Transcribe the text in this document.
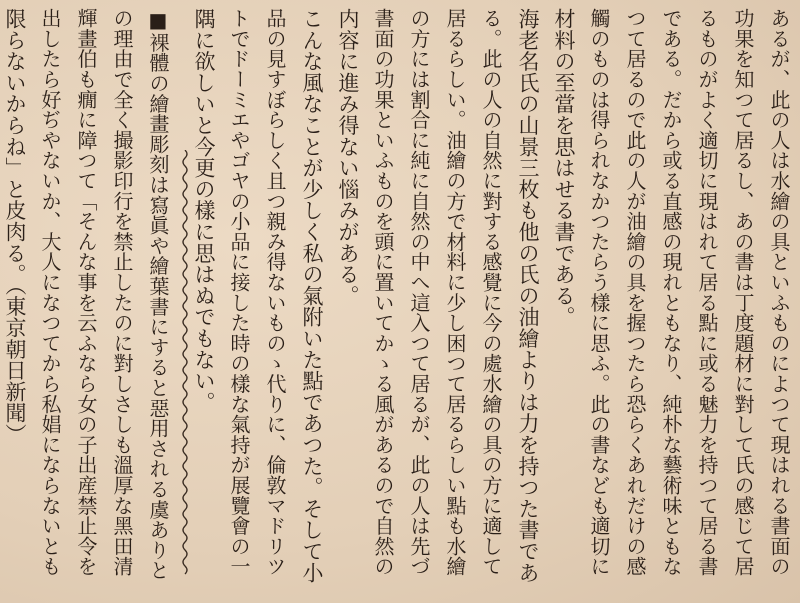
あるが、此の人は水繪の具といふものによつて現はれる書面の

功果を知つて居るし、あの書は丁度題材に對して氏の感じて居

るものがよく適切に現はれて居る點に或る魅力を持つて居る書

である。だから或る直感の現れともなり、純朴な藝術味ともな

つて居るので此の人が油繪の具を握つたら恐らくあれだけの感

觸のものは得られなかつたらう樣に思ふ。此の書なども適切に

材料の至當を思はせる書である。

海老名氏の山景三枚も他の氏の油繪よりは力を持つた書であ

る。此の人の自然に對する感覺に今の處水繪の具の方に適して

居るらしい。油繪の方で材料に少し困つて居るらしい點も水繪

の方には割合に純に自然の中へ這入つて居るが、此の人は先づ

書面の功果といふものを頭に置いてかゝる風があるので自然の

内容に進み得ない惱みがある。

こんな風なことが少しく私の氣附いた點であつた。そして小

品の見すぼらしく且つ親み得ないものゝ代りに、倫敦マドリツ

トでドーミエやゴヤの小品に接した時の樣な氣持が展覽會の一

隅に欲しいと今更の樣に思はぬでもない。

■裸體の繪畫彫刻は寫眞や繪葉書にすると惡用される虞ありと

の理由で全く撮影印行を禁止したのに對しさしも溫厚な黑田清

輝畫伯も癇に障つて「そんな事を云ふなら女の子出産禁止令を

出したら好ぢやないか、大人になつてから私娼にならないとも

限らないからね」と皮肉る。（東京朝日新聞）
